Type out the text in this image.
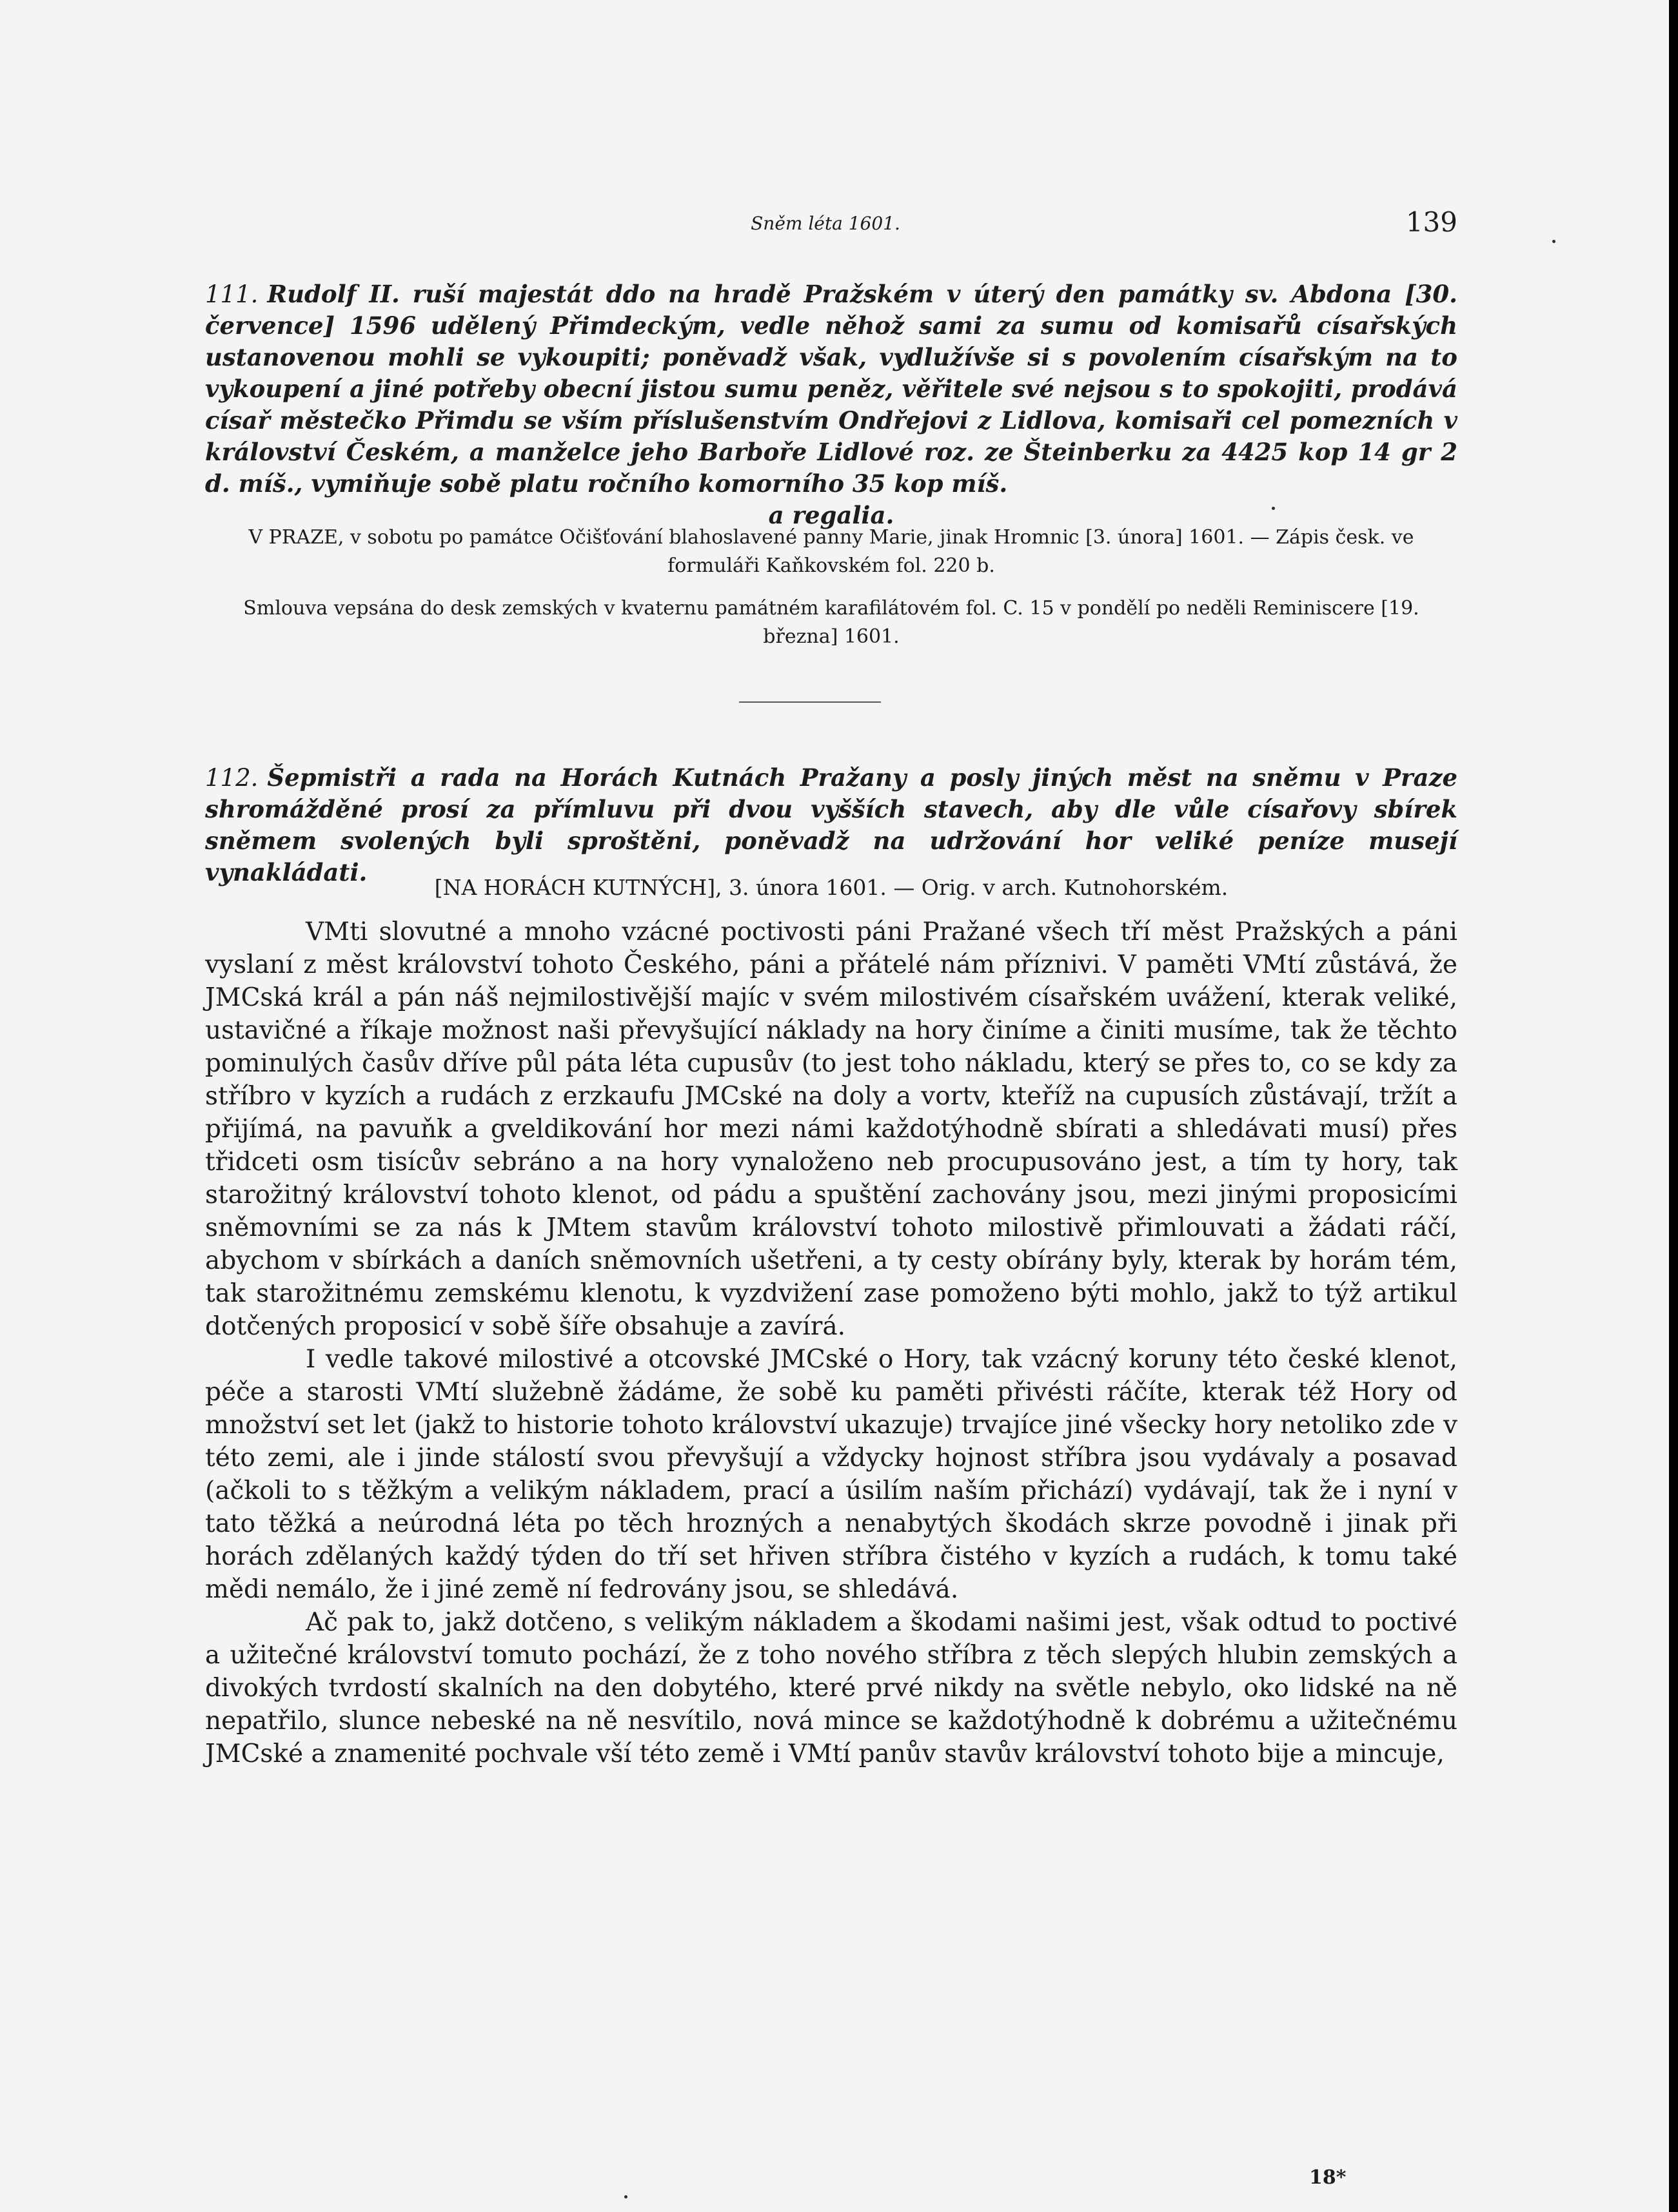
Sněm léta 1601.	139
111. Rudolf II. ruší majestát ddo na hradě Pražském v úterý den památky sv. Abdona [30. července] 1596 udělený Přimdeckým, vedle něhož sami za sumu od komisařů císařských ustanovenou mohli se vykoupiti; poněvadž však, vydlužívše si s povolením císařským na to vykoupení a jiné potřeby obecní jistou sumu peněz, věřitele své nejsou s to spokojiti, prodává císař městečko Přimdu se vším příslušenstvím Ondřejovi z Lidlova, komisaři cel pomezních v království Českém, a manželce jeho Barboře Lidlové roz. ze Šteinberku za 4425 kop 14 gr 2 d. míš., vymiňuje sobě platu ročního komorního 35 kop míš.
a regalia.
V PRAZE, v sobotu po památce Očišťování blahoslavené panny Marie, jinak Hromnic [3. února] 1601. — Zápis česk. ve formuláři Kaňkovském fol. 220 b.
Smlouva vepsána do desk zemských v kvaternu památném karafilátovém fol. C. 15 v pondělí po neděli Reminiscere [19. března] 1601.
112. Šepmistři a rada na Horách Kutnách Pražany a posly jiných měst na sněmu v Praze shromážděné prosí za přímluvu při dvou vyšších stavech, aby dle vůle císařovy sbírek sněmem svolených byli sproštěni, poněvadž na udržování hor veliké peníze musejí vynakládati.
[NA HORÁCH KUTNÝCH], 3. února 1601. — Orig. v arch. Kutnohorském.

VMti slovutné a mnoho vzácné poctivosti páni Pražané všech tří měst Pražských a páni vyslaní z měst království tohoto Českého, páni a přátelé nám příznivi. V paměti VMtí zůstává, že JMCská král a pán náš nejmilostivější majíc v svém milostivém císařském uvážení, kterak veliké, ustavičné a říkaje možnost naši převyšující náklady na hory činíme a činiti musíme, tak že těchto pominulých časův dříve půl páta léta cupusův (to jest toho nákladu, který se přes to, co se kdy za stříbro v kyzích a rudách z erzkaufu JMCské na doly a vortv, kteříž na cupusích zůstávají, tržít a přijímá, na pavuňk a gveldikování hor mezi námi každotýhodně sbírati a shledávati musí) přes třidceti osm tisícův sebráno a na hory vynaloženo neb procupusováno jest, a tím ty hory, tak starožitný království tohoto klenot, od pádu a spuštění zachovány jsou, mezi jinými proposicími sněmovními se za nás k JMtem stavům království tohoto milostivě přimlouvati a žádati ráčí, abychom v sbírkách a daních sněmovních ušetřeni, a ty cesty obírány byly, kterak by horám tém, tak starožitnému zemskému klenotu, k vyzdvižení zase pomoženo býti mohlo, jakž to týž artikul dotčených proposicí v sobě šíře obsahuje a zavírá.

I vedle takové milostivé a otcovské JMCské o Hory, tak vzácný koruny této české klenot, péče a starosti VMtí služebně žádáme, že sobě ku paměti přivésti ráčíte, kterak též Hory od množství set let (jakž to historie tohoto království ukazuje) trvajíce jiné všecky hory netoliko zde v této zemi, ale i jinde stálostí svou převyšují a vždycky hojnost stříbra jsou vydávaly a posavad (ačkoli to s těžkým a velikým nákladem, prací a úsilím naším přichází) vydávají, tak že i nyní v tato těžká a neúrodná léta po těch hrozných a nenabytých škodách skrze povodně i jinak při horách zdělaných každý týden do tří set hřiven stříbra čistého v kyzích a rudách, k tomu také mědi nemálo, že i jiné země ní fedrovány jsou, se shledává.

Ač pak to, jakž dotčeno, s velikým nákladem a škodami našimi jest, však odtud to poctivé a užitečné království tomuto pochází, že z toho nového stříbra z těch slepých hlubin zemských a divokých tvrdostí skalních na den dobytého, které prvé nikdy na světle nebylo, oko lidské na ně nepatřilo, slunce nebeské na ně nesvítilo, nová mince se každotýhodně k dobrému a užitečnému JMCské a znamenité pochvale vší této země i VMtí panův stavův království tohoto bije a mincuje,

18*
